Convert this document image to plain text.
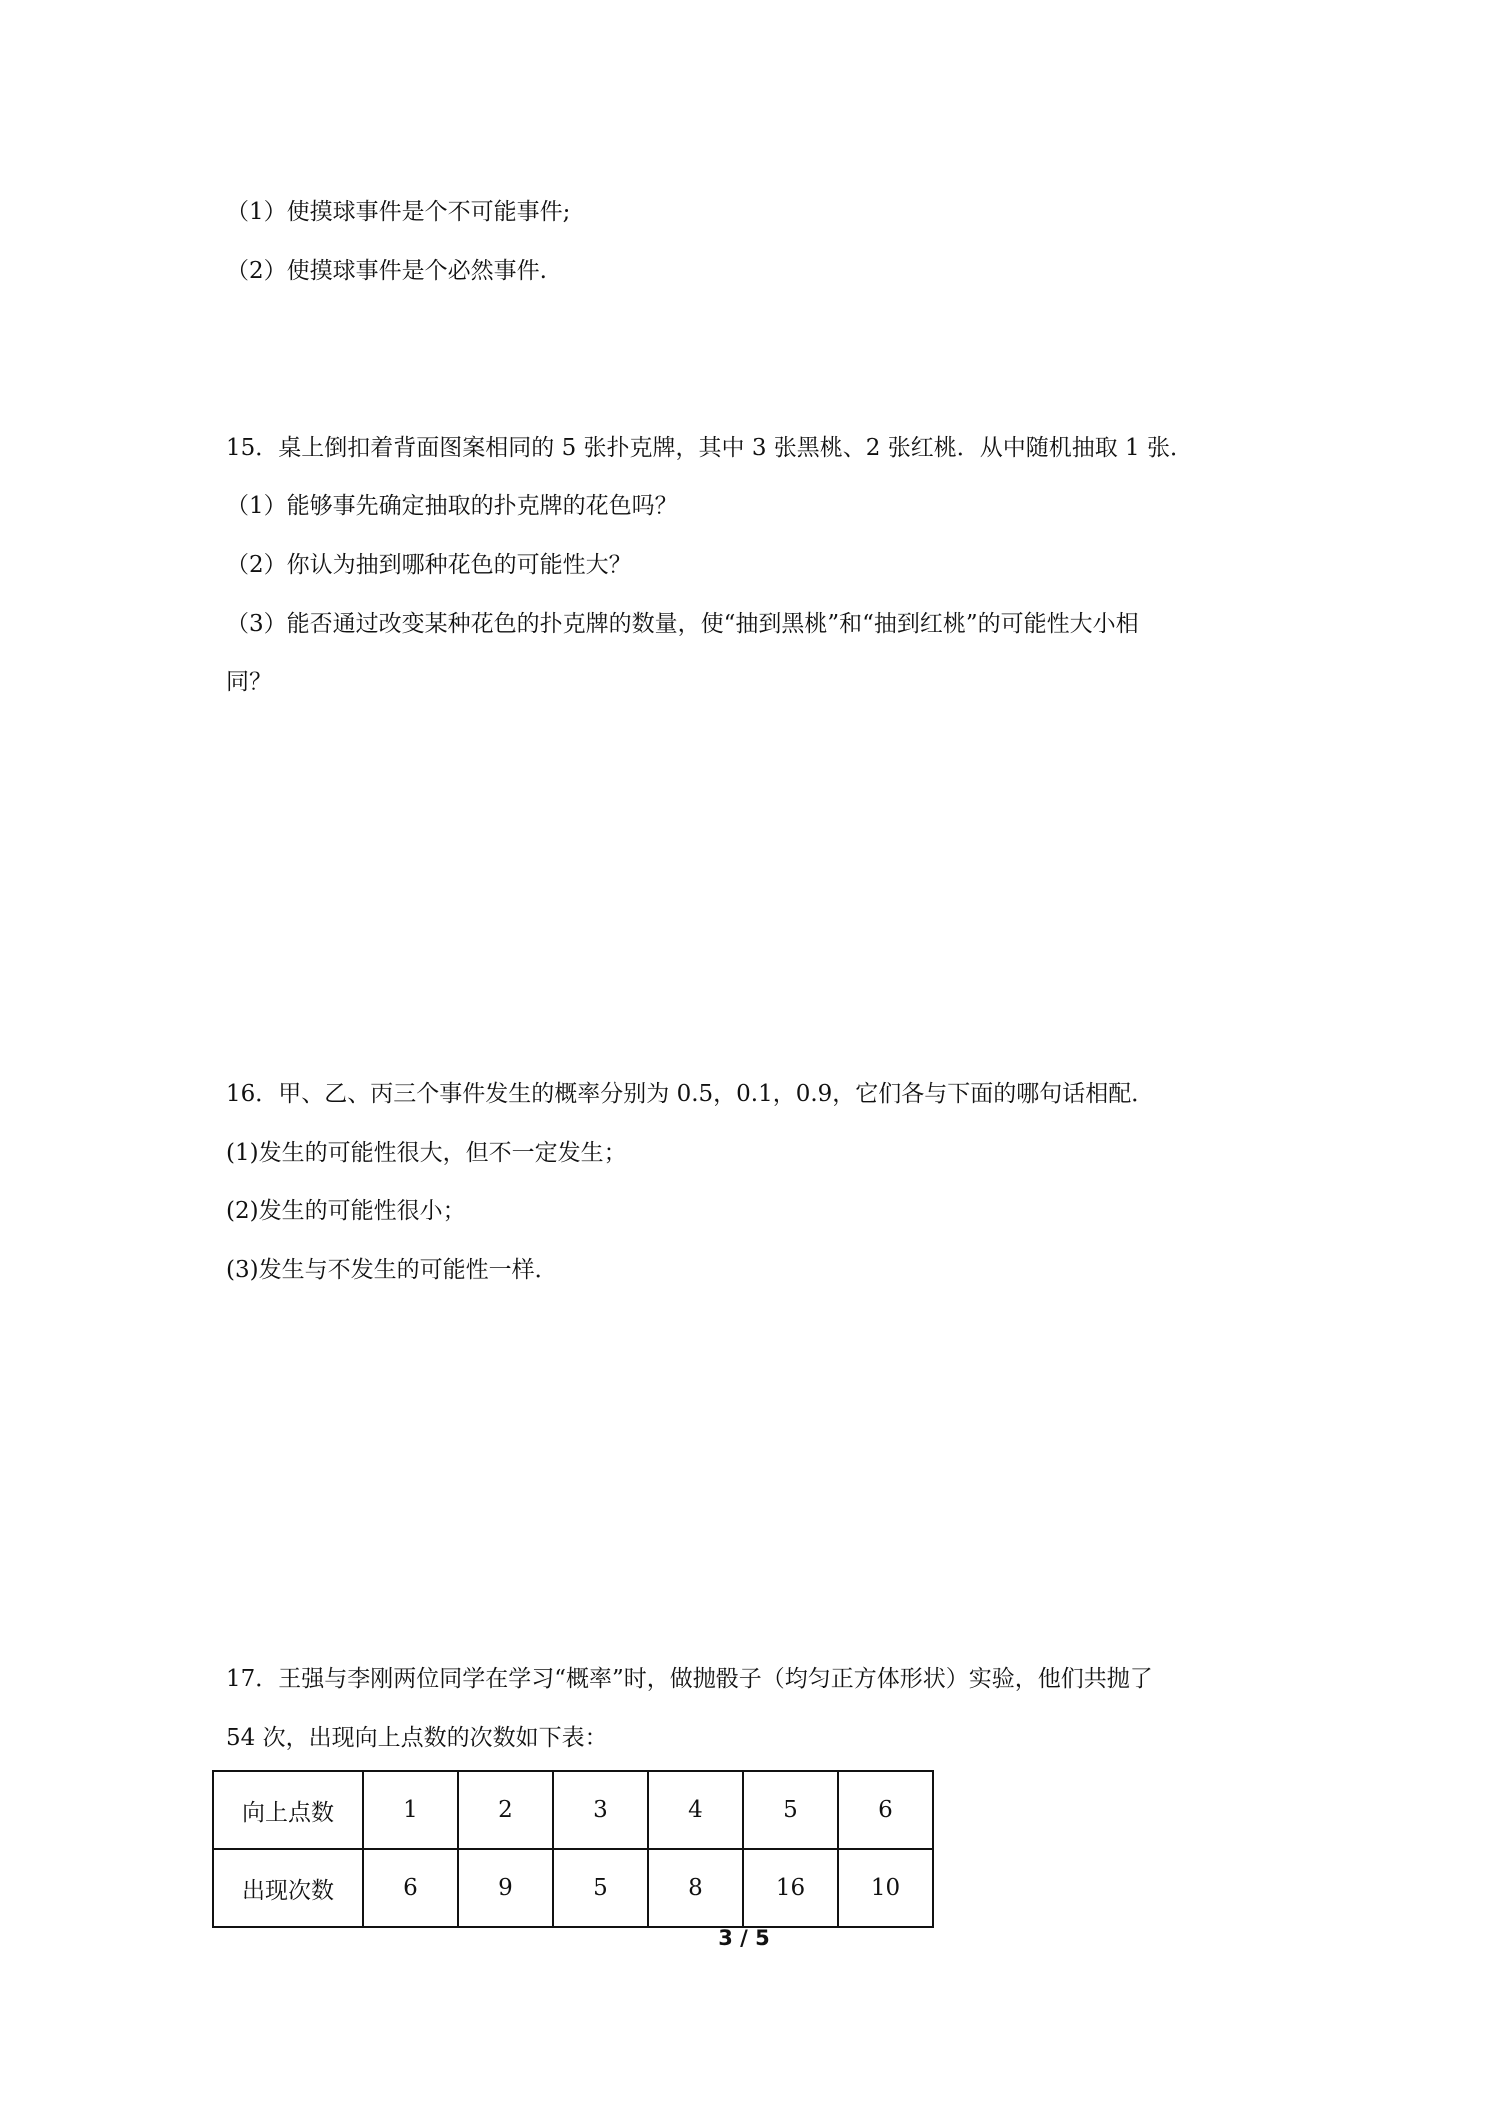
（1）使摸球事件是个不可能事件;
（2）使摸球事件是个必然事件.
15．桌上倒扣着背面图案相同的 5 张扑克牌，其中 3 张黑桃、2 张红桃．从中随机抽取 1 张．
（1）能够事先确定抽取的扑克牌的花色吗？
（2）你认为抽到哪种花色的可能性大？
（3）能否通过改变某种花色的扑克牌的数量，使“抽到黑桃”和“抽到红桃”的可能性大小相
同？
16．甲、乙、丙三个事件发生的概率分别为 0.5，0.1，0.9，它们各与下面的哪句话相配．
(1)发生的可能性很大，但不一定发生；
(2)发生的可能性很小；
(3)发生与不发生的可能性一样．
17．王强与李刚两位同学在学习“概率”时，做抛骰子（均匀正方体形状）实验，他们共抛了
54 次，出现向上点数的次数如下表：
向上点数	1	2	3	4	5	6
出现次数	6	9	5	8	16	10
3 / 5
